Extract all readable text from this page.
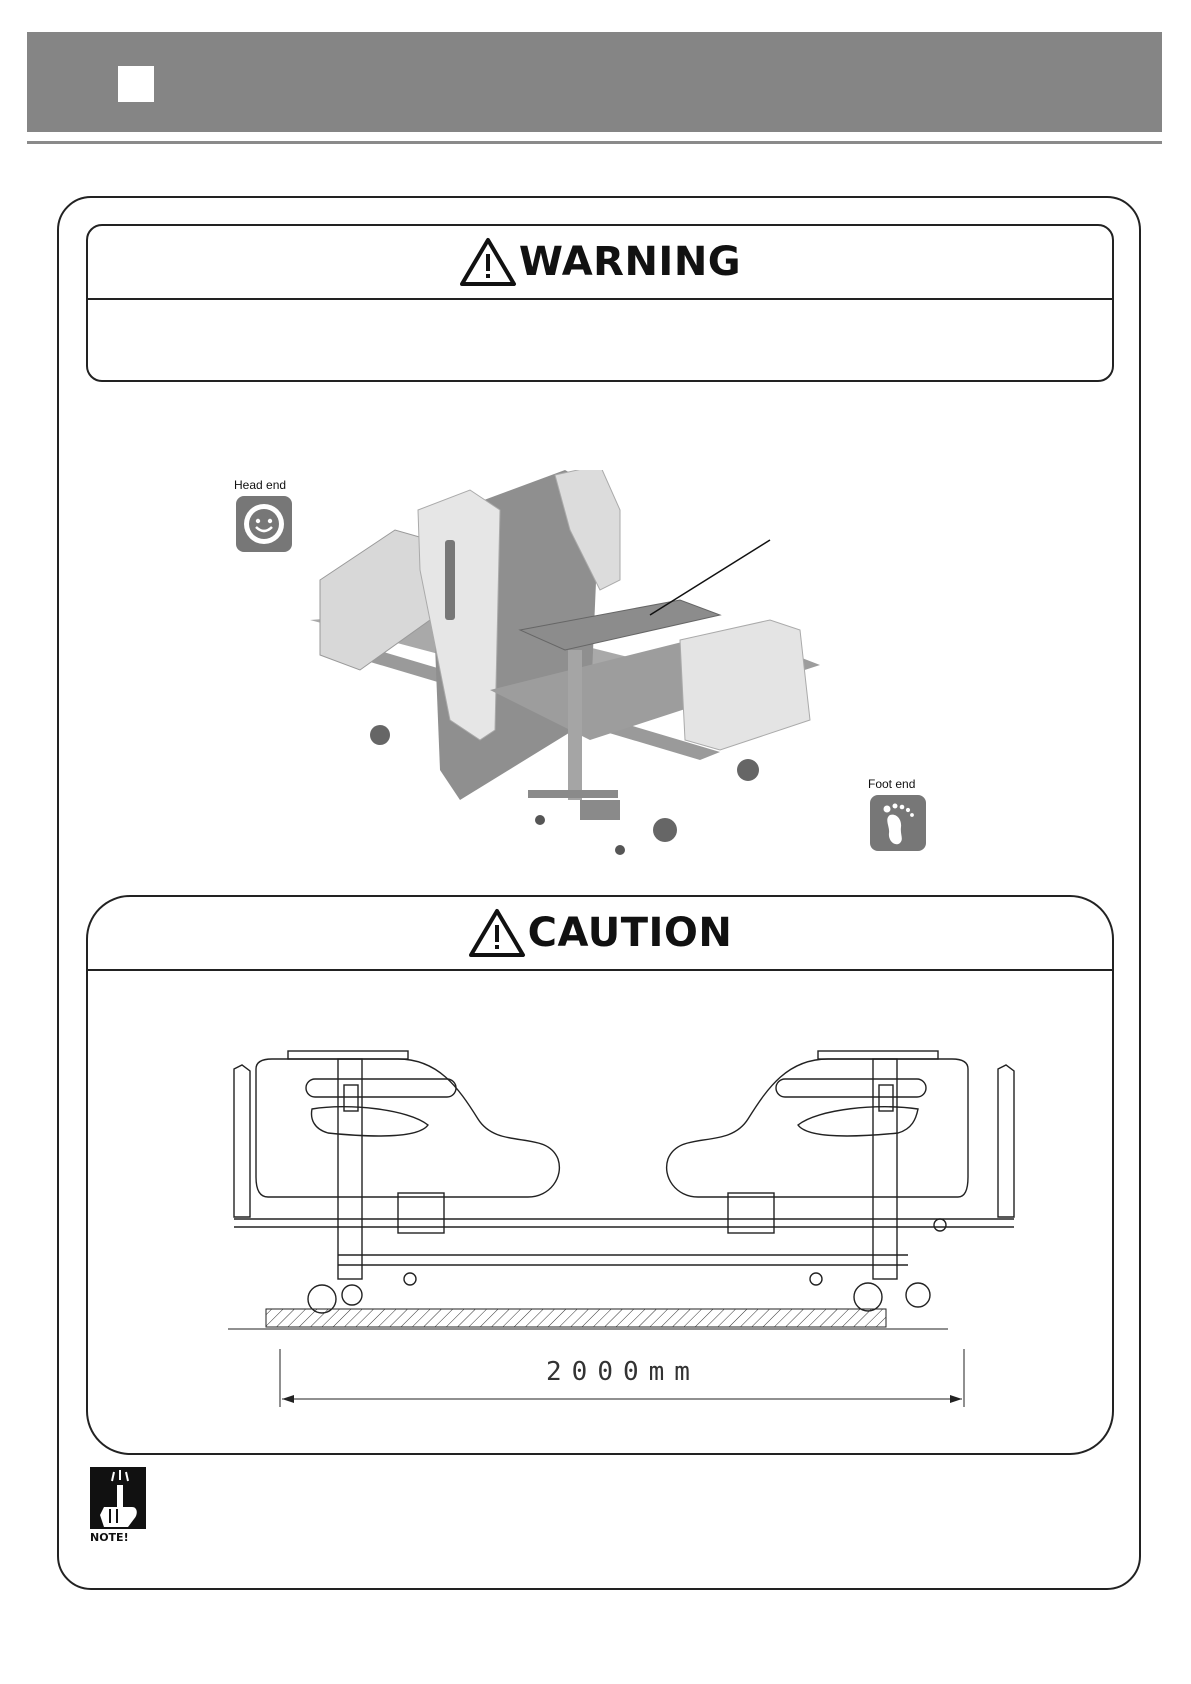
WARNING
Head end
Foot end
CAUTION
2000mm
NOTE!
